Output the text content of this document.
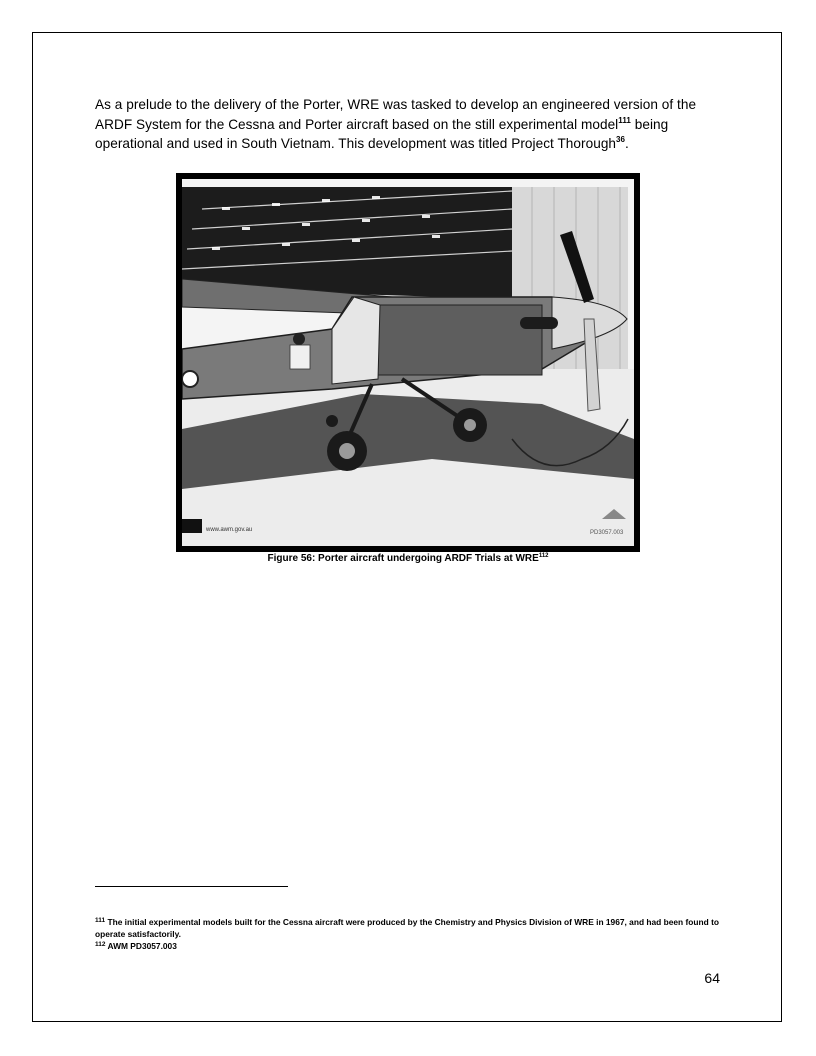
As a prelude to the delivery of the Porter, WRE was tasked to develop an engineered version of the ARDF System for the Cessna and Porter aircraft based on the still experimental model$^{111}$ being operational and used in South Vietnam. This development was titled Project Thorough$^{36}$.

www.awm.gov.au	PD3057.003

Figure 56: Porter aircraft undergoing ARDF Trials at WRE$^{112}$

$^{111}$ The initial experimental models built for the Cessna aircraft were produced by the Chemistry and Physics Division of WRE in 1967, and had been found to operate satisfactorily.

$^{112}$ AWM PD3057.003

64
